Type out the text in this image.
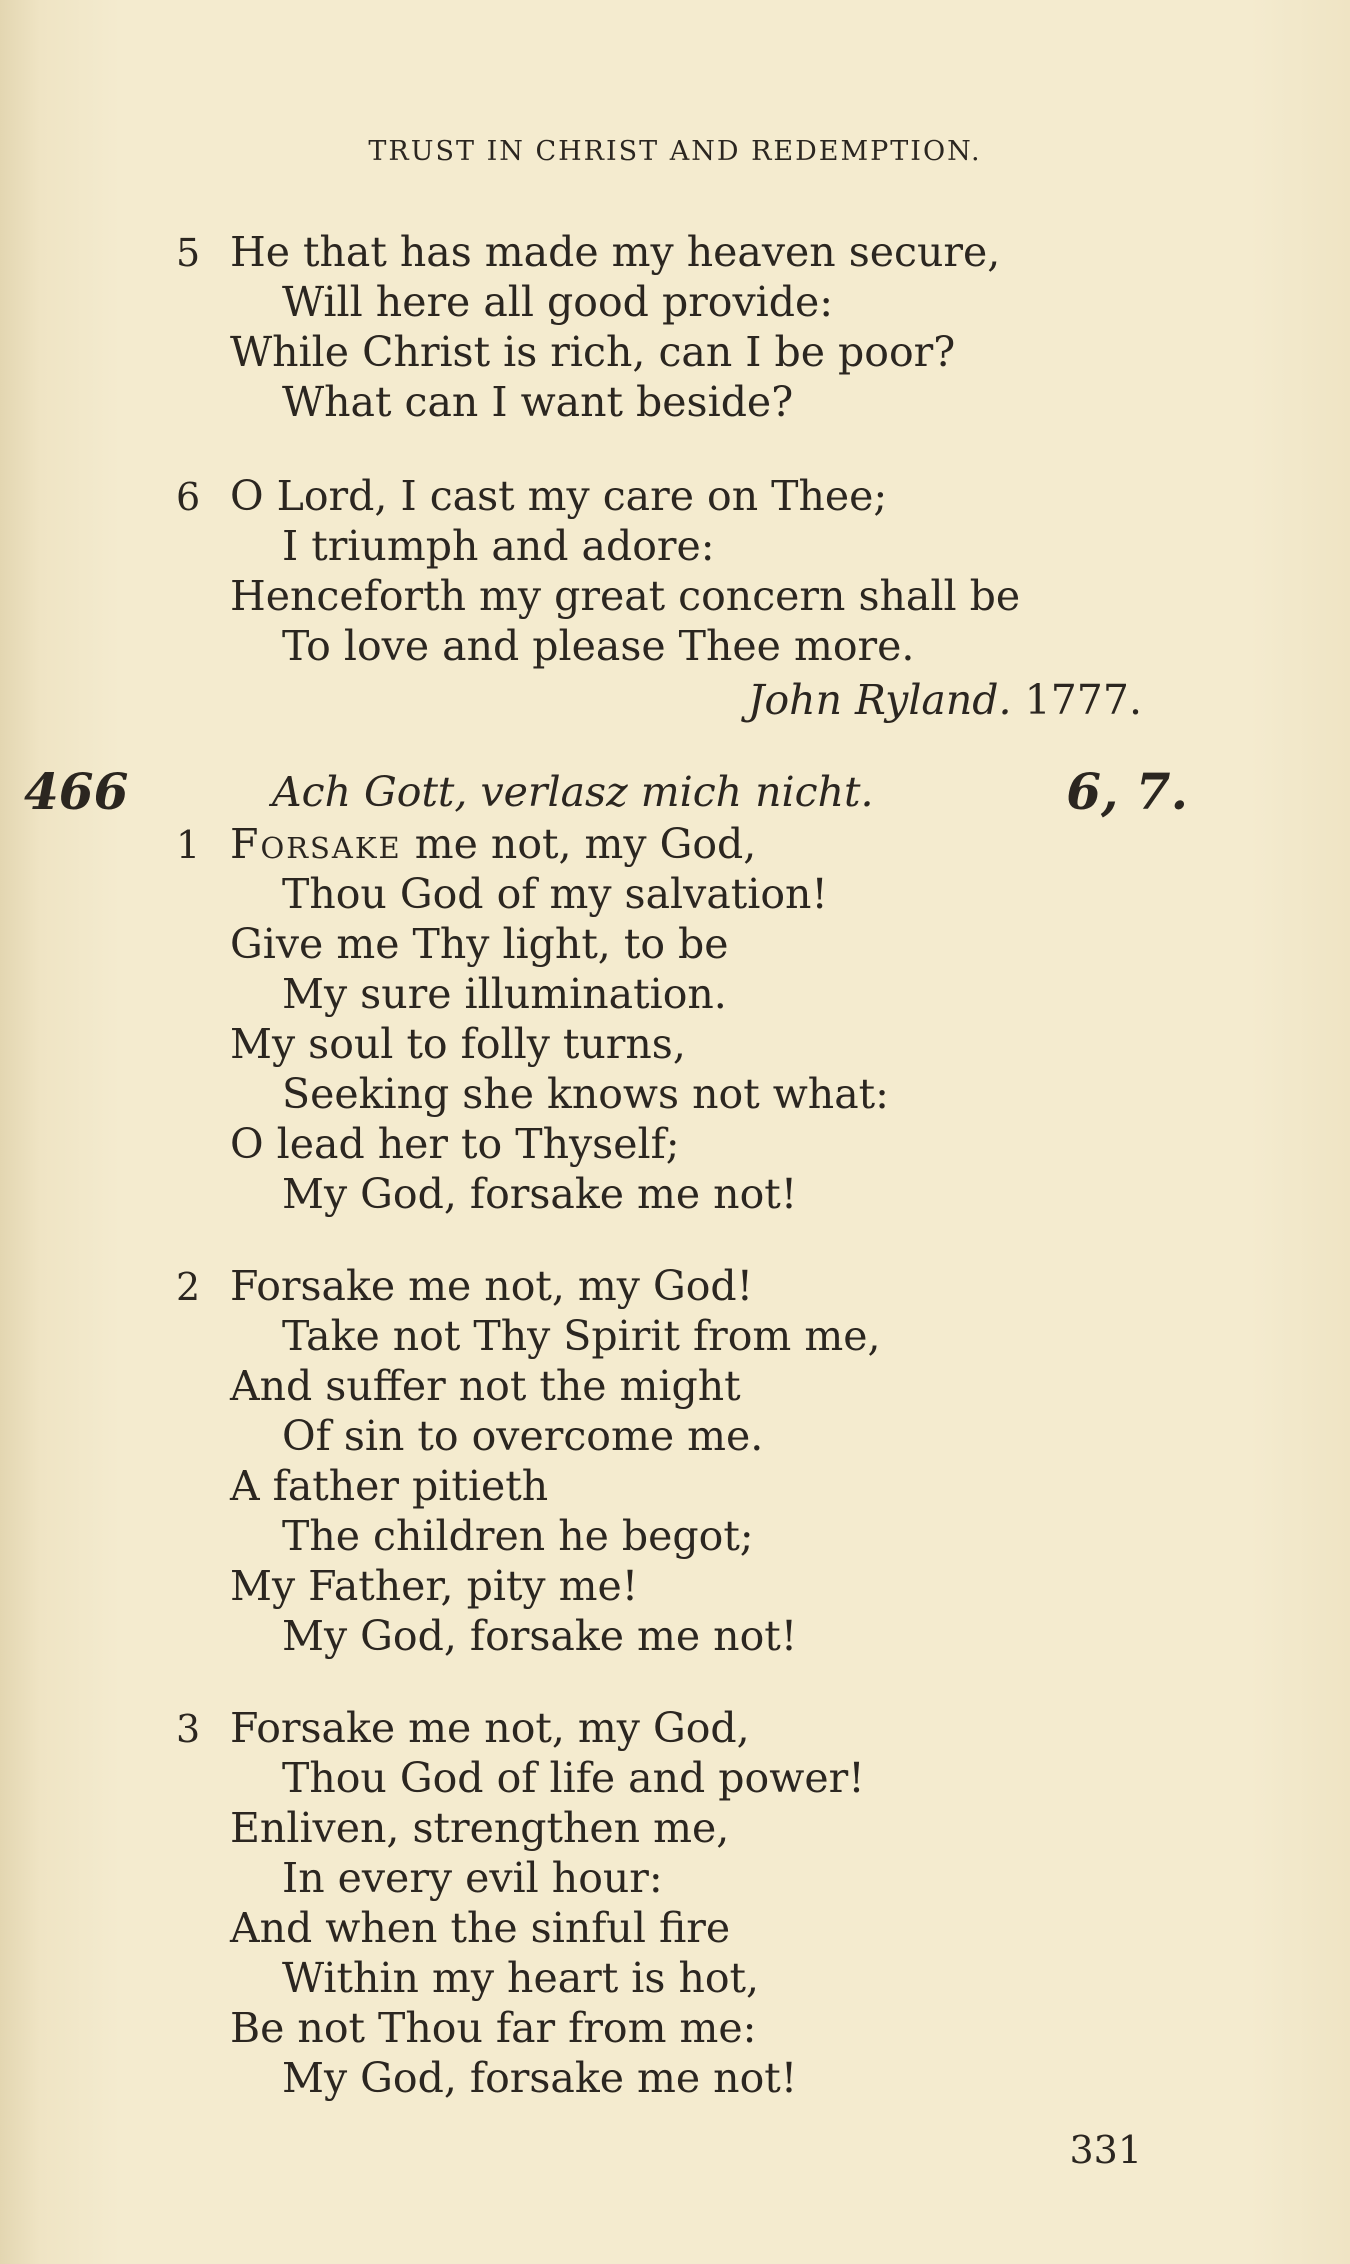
TRUST IN CHRIST AND REDEMPTION.
5 He that has made my heaven secure,
Will here all good provide:
While Christ is rich, can I be poor?
What can I want beside?
6 O Lord, I cast my care on Thee;
I triumph and adore:
Henceforth my great concern shall be
To love and please Thee more.
John Ryland. 1777.
466	Ach Gott, verlasz mich nicht.	6, 7.
1 Forsake me not, my God,
Thou God of my salvation!
Give me Thy light, to be
My sure illumination.
My soul to folly turns,
Seeking she knows not what:
O lead her to Thyself;
My God, forsake me not!
2 Forsake me not, my God!
Take not Thy Spirit from me,
And suffer not the might
Of sin to overcome me.
A father pitieth
The children he begot;
My Father, pity me!
My God, forsake me not!
3 Forsake me not, my God,
Thou God of life and power!
Enliven, strengthen me,
In every evil hour:
And when the sinful fire
Within my heart is hot,
Be not Thou far from me:
My God, forsake me not!
331
